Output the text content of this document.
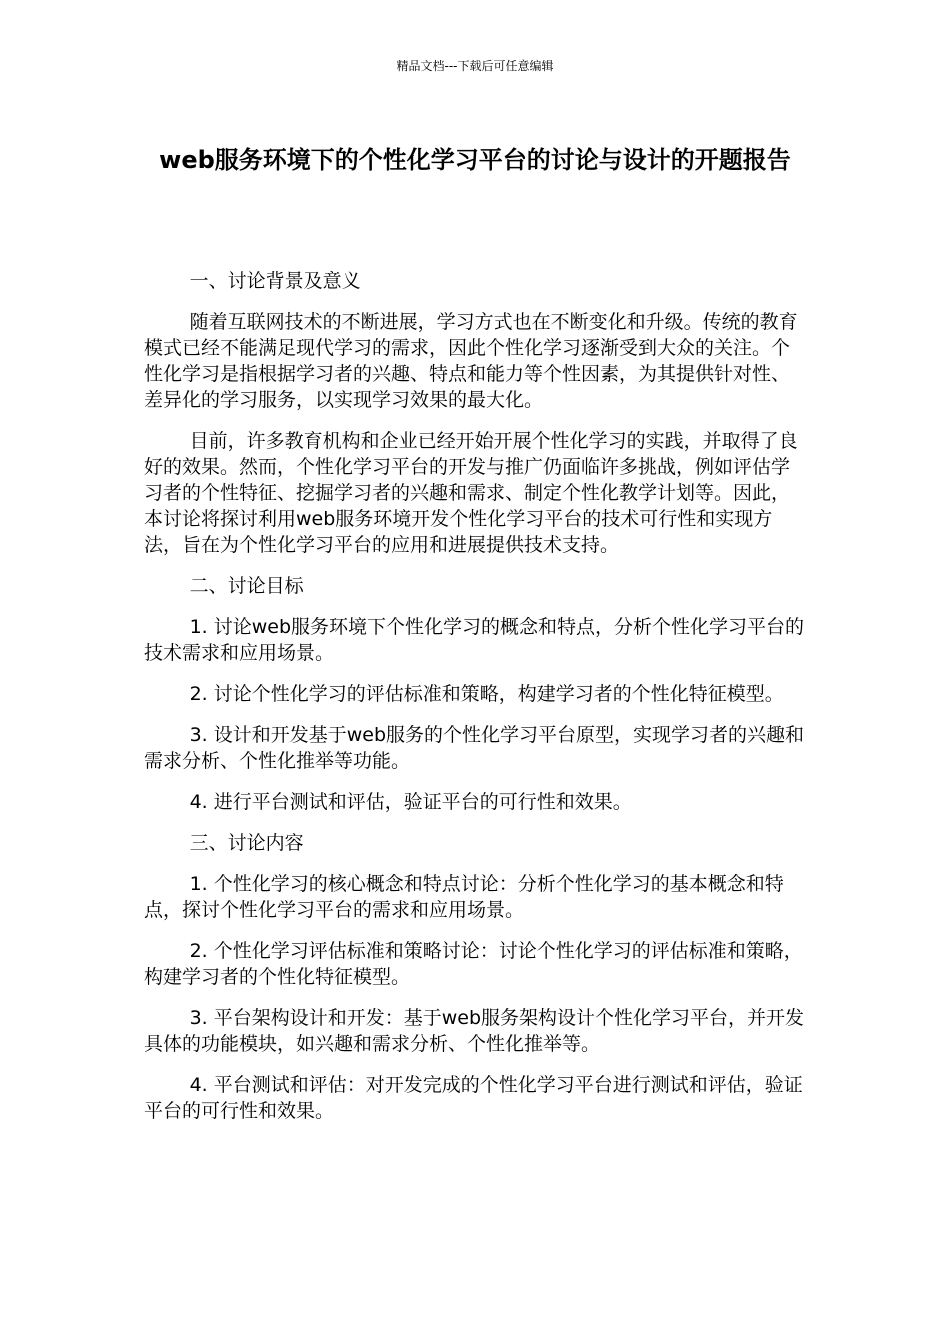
精品文档---下载后可任意编辑
web服务环境下的个性化学习平台的讨论与设计的开题报告

一、讨论背景及意义

随着互联网技术的不断进展，学习方式也在不断变化和升级。传统的教育模式已经不能满足现代学习的需求，因此个性化学习逐渐受到大众的关注。个性化学习是指根据学习者的兴趣、特点和能力等个性因素，为其提供针对性、差异化的学习服务，以实现学习效果的最大化。

目前，许多教育机构和企业已经开始开展个性化学习的实践，并取得了良好的效果。然而，个性化学习平台的开发与推广仍面临许多挑战，例如评估学习者的个性特征、挖掘学习者的兴趣和需求、制定个性化教学计划等。因此，本讨论将探讨利用web服务环境开发个性化学习平台的技术可行性和实现方法，旨在为个性化学习平台的应用和进展提供技术支持。

二、讨论目标

1. 讨论web服务环境下个性化学习的概念和特点，分析个性化学习平台的技术需求和应用场景。

2. 讨论个性化学习的评估标准和策略，构建学习者的个性化特征模型。

3. 设计和开发基于web服务的个性化学习平台原型，实现学习者的兴趣和需求分析、个性化推举等功能。

4. 进行平台测试和评估，验证平台的可行性和效果。

三、讨论内容

1. 个性化学习的核心概念和特点讨论：分析个性化学习的基本概念和特点，探讨个性化学习平台的需求和应用场景。

2. 个性化学习评估标准和策略讨论：讨论个性化学习的评估标准和策略，构建学习者的个性化特征模型。

3. 平台架构设计和开发：基于web服务架构设计个性化学习平台，并开发具体的功能模块，如兴趣和需求分析、个性化推举等。

4. 平台测试和评估：对开发完成的个性化学习平台进行测试和评估，验证平台的可行性和效果。
